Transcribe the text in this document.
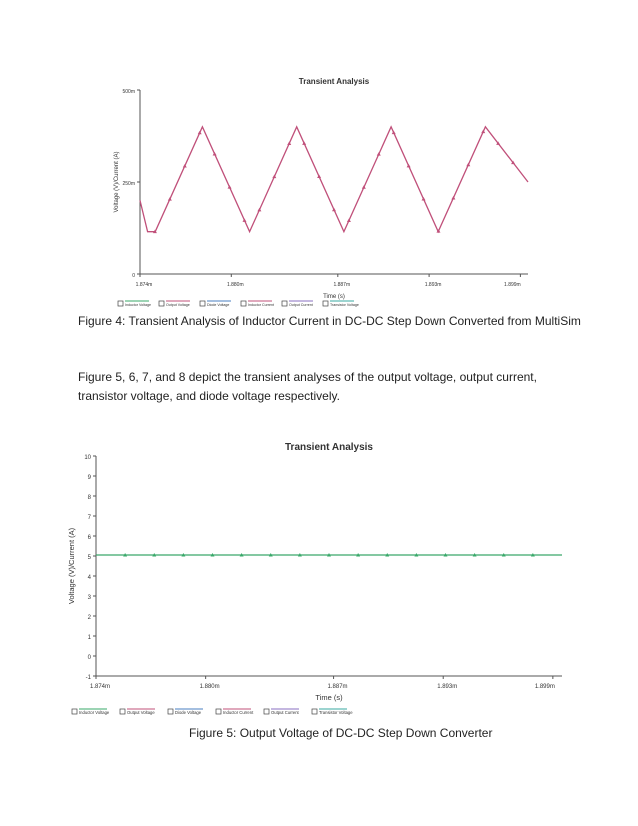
Transient Analysis
0
250m
500m
1.874m	1.880m	1.887m	1.893m	1.899m
Time (s)
Voltage (V)/Current (A)
Inductor Voltage	Output Voltage	Diode Voltage	Inductor Current	Output Current	Transistor Voltage
Figure 4: Transient Analysis of Inductor Current in DC-DC Step Down Converted from MultiSim
Figure 5, 6, 7, and 8 depict the transient analyses of the output voltage, output current, transistor voltage, and diode voltage respectively.
Transient Analysis
-1
0
1
2
3
4
5
6
7
8
9
10
1.874m	1.880m	1.887m	1.893m	1.899m
Time (s)
Voltage (V)/Current (A)
Inductor Voltage	Output Voltage	Diode Voltage	Inductor Current	Output Current	Transistor Voltage
Figure 5: Output Voltage of DC-DC Step Down Converter
